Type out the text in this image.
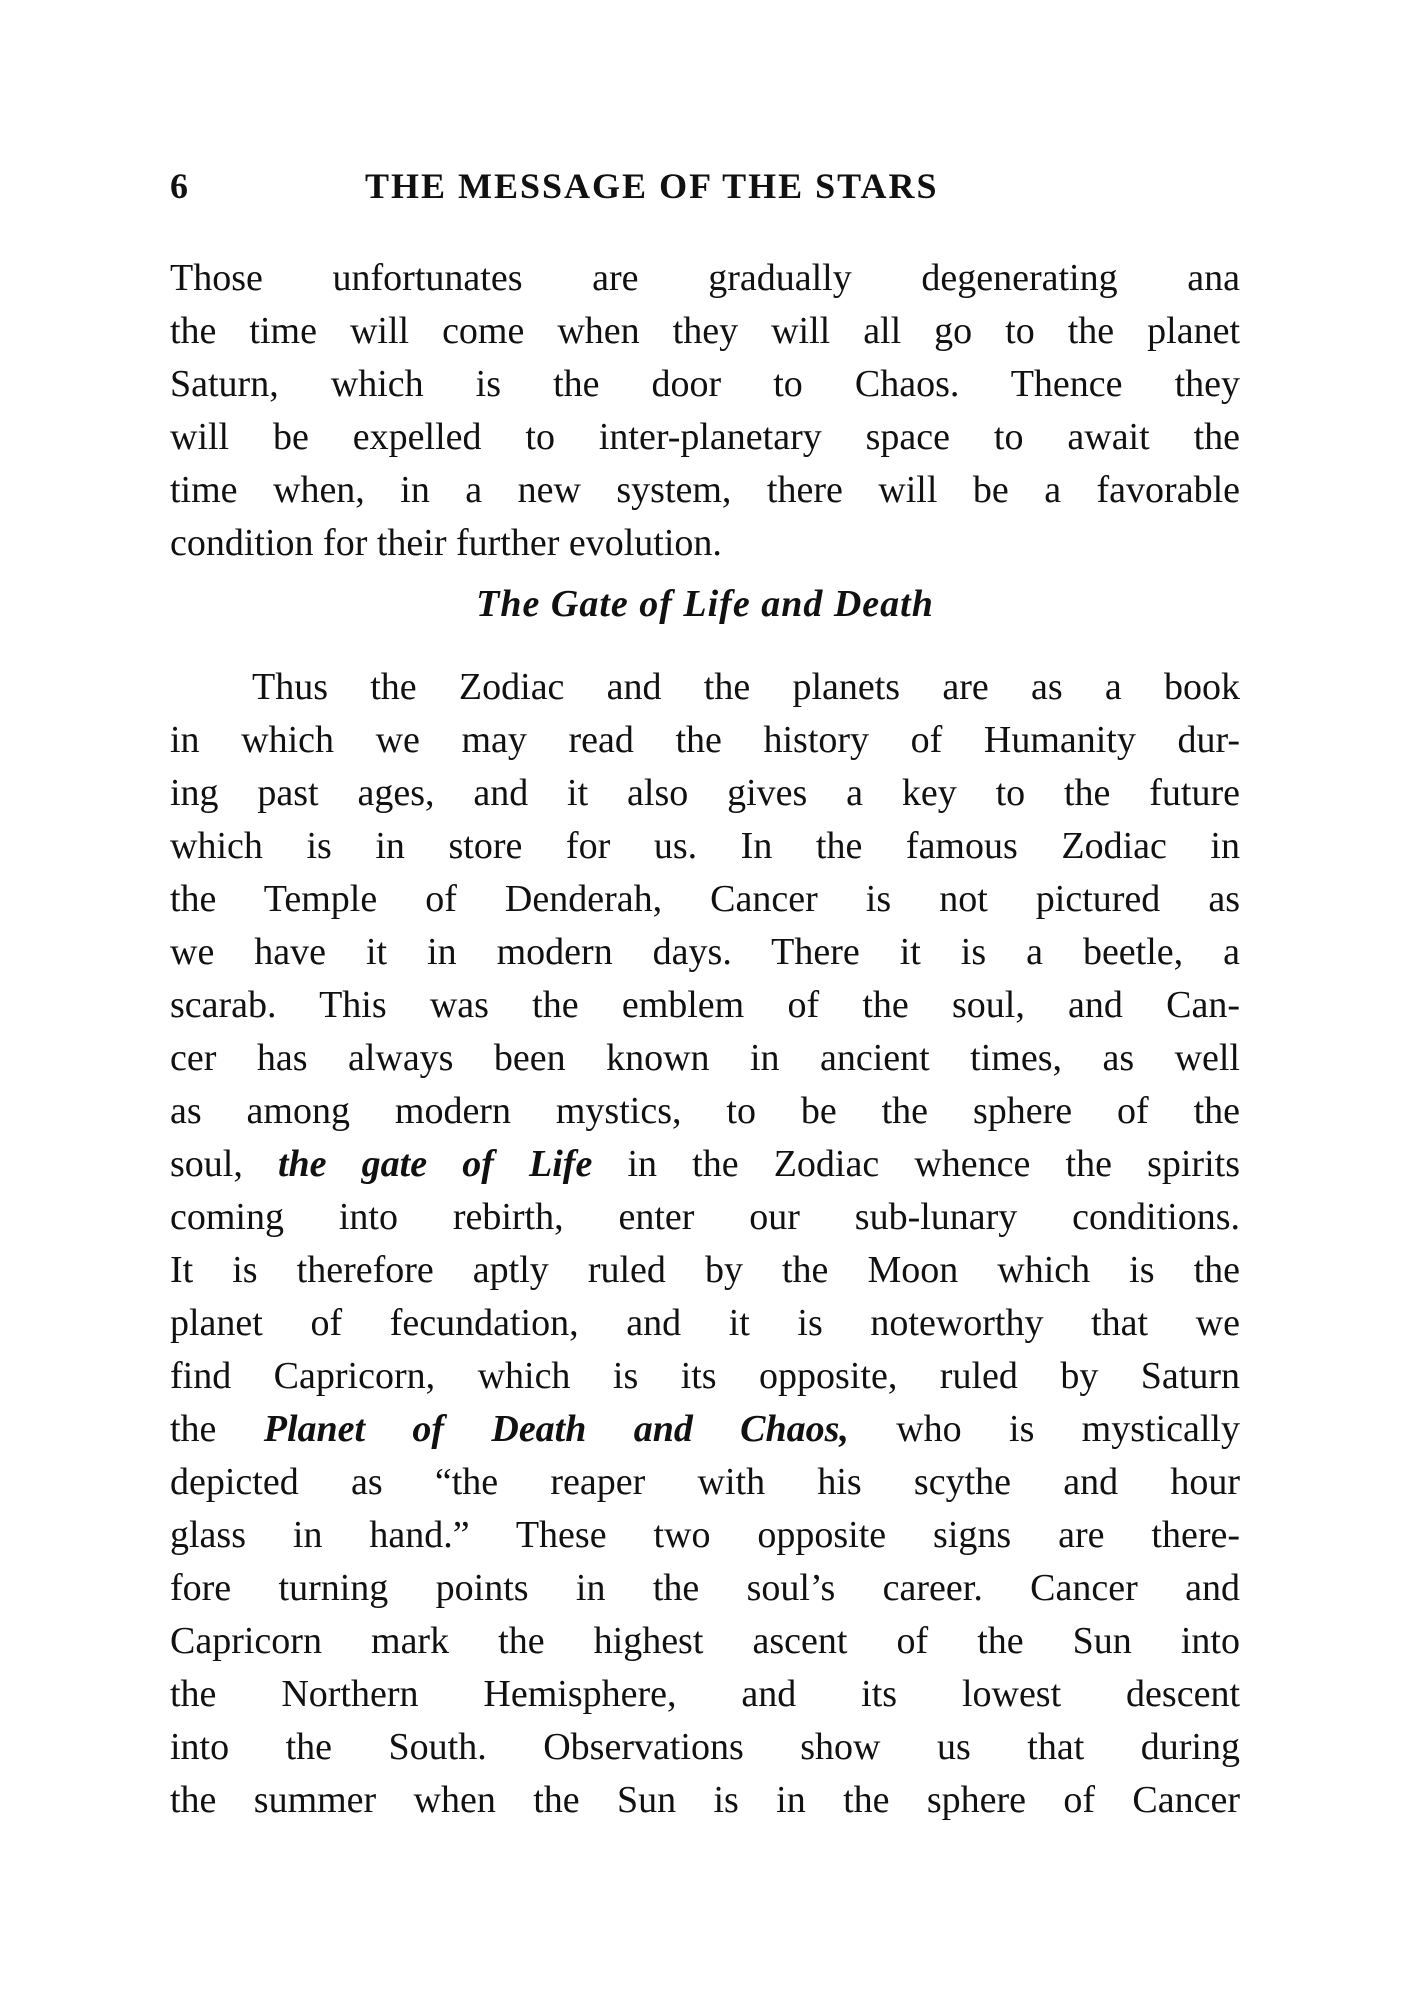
6	THE MESSAGE OF THE STARS
Those unfortunates are gradually degenerating ana
the time will come when they will all go to the planet
Saturn, which is the door to Chaos. Thence they
will be expelled to inter-planetary space to await the
time when, in a new system, there will be a favorable
condition for their further evolution.
The Gate of Life and Death
Thus the Zodiac and the planets are as a book
in which we may read the history of Humanity dur-
ing past ages, and it also gives a key to the future
which is in store for us. In the famous Zodiac in
the Temple of Denderah, Cancer is not pictured as
we have it in modern days. There it is a beetle, a
scarab. This was the emblem of the soul, and Can-
cer has always been known in ancient times, as well
as among modern mystics, to be the sphere of the
soul, the gate of Life in the Zodiac whence the spirits
coming into rebirth, enter our sub-lunary conditions.
It is therefore aptly ruled by the Moon which is the
planet of fecundation, and it is noteworthy that we
find Capricorn, which is its opposite, ruled by Saturn
the Planet of Death and Chaos, who is mystically
depicted as “the reaper with his scythe and hour
glass in hand.” These two opposite signs are there-
fore turning points in the soul’s career. Cancer and
Capricorn mark the highest ascent of the Sun into
the Northern Hemisphere, and its lowest descent
into the South. Observations show us that during
the summer when the Sun is in the sphere of Cancer
